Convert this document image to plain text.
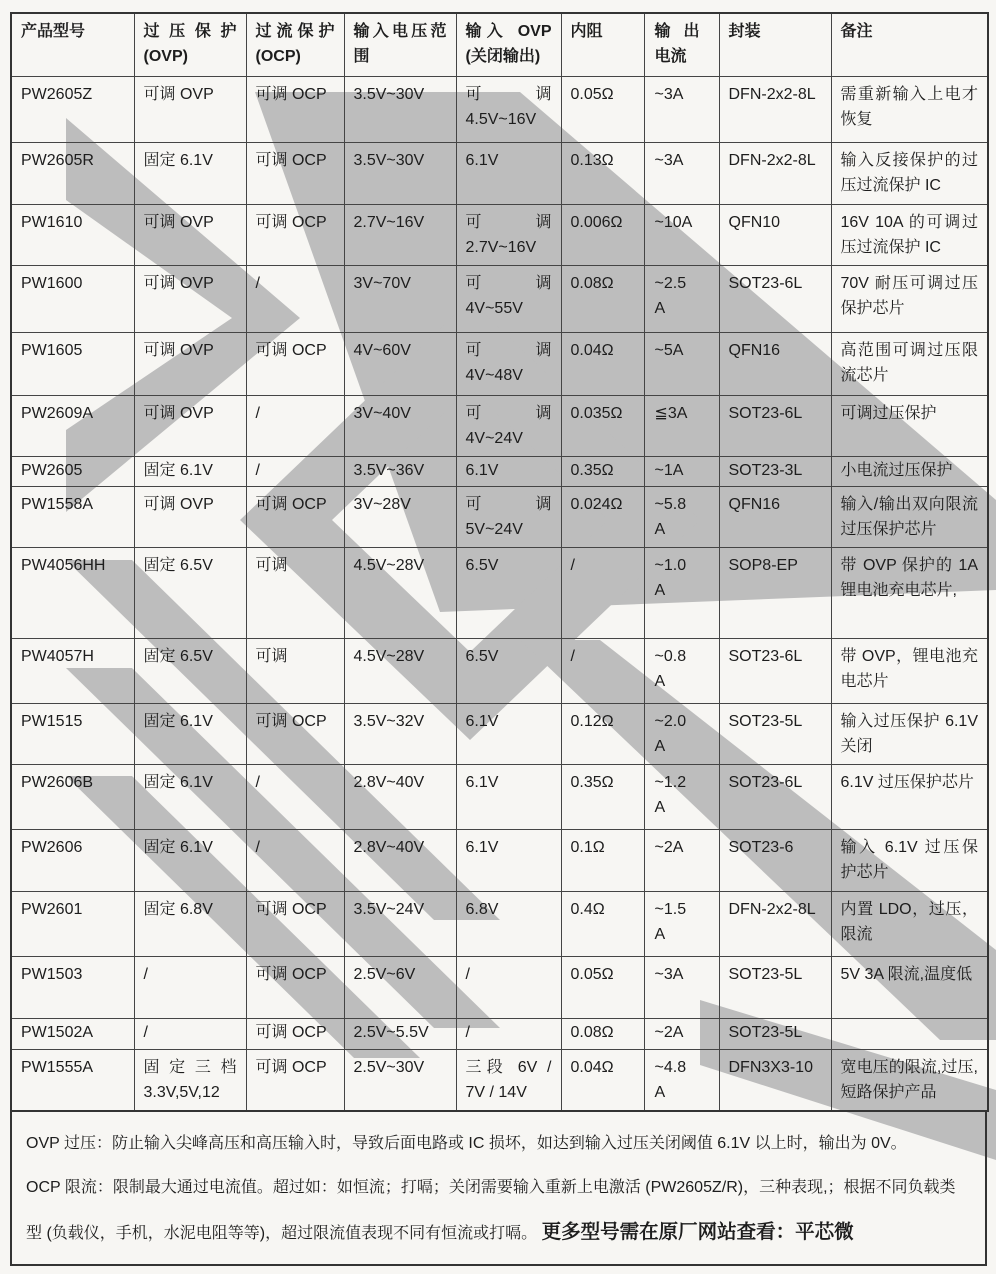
产品型号	过压保护 (OVP)	过流保护 (OCP)	输入电压范围	输入 OVP (关闭输出)	内阻	输出 电流	封装	备注
PW2605Z	可调 OVP	可调 OCP	3.5V~30V	可 调 4.5V~16V	0.05Ω	~3A	DFN-2x2-8L	需重新输入上电才恢复
PW2605R	固定 6.1V	可调 OCP	3.5V~30V	6.1V	0.13Ω	~3A	DFN-2x2-8L	输入反接保护的过压过流保护 IC
PW1610	可调 OVP	可调 OCP	2.7V~16V	可 调 2.7V~16V	0.006Ω	~10A	QFN10	16V 10A 的可调过压过流保护 IC
PW1600	可调 OVP	/	3V~70V	可 调 4V~55V	0.08Ω	~2.5 A	SOT23-6L	70V 耐压可调过压保护芯片
PW1605	可调 OVP	可调 OCP	4V~60V	可 调 4V~48V	0.04Ω	~5A	QFN16	高范围可调过压限流芯片
PW2609A	可调 OVP	/	3V~40V	可 调 4V~24V	0.035Ω	≦3A	SOT23-6L	可调过压保护
PW2605	固定 6.1V	/	3.5V~36V	6.1V	0.35Ω	~1A	SOT23-3L	小电流过压保护
PW1558A	可调 OVP	可调 OCP	3V~28V	可 调 5V~24V	0.024Ω	~5.8 A	QFN16	输入/输出双向限流过压保护芯片
PW4056HH	固定 6.5V	可调	4.5V~28V	6.5V	/	~1.0 A	SOP8-EP	带 OVP 保护的 1A 锂电池充电芯片,
PW4057H	固定 6.5V	可调	4.5V~28V	6.5V	/	~0.8 A	SOT23-6L	带 OVP，锂电池充电芯片
PW1515	固定 6.1V	可调 OCP	3.5V~32V	6.1V	0.12Ω	~2.0 A	SOT23-5L	输入过压保护 6.1V 关闭
PW2606B	固定 6.1V	/	2.8V~40V	6.1V	0.35Ω	~1.2 A	SOT23-6L	6.1V 过压保护芯片
PW2606	固定 6.1V	/	2.8V~40V	6.1V	0.1Ω	~2A	SOT23-6	输入 6.1V 过压保护芯片
PW2601	固定 6.8V	可调 OCP	3.5V~24V	6.8V	0.4Ω	~1.5 A	DFN-2x2-8L	内置 LDO，过压，限流
PW1503	/	可调 OCP	2.5V~6V	/	0.05Ω	~3A	SOT23-5L	5V 3A 限流,温度低
PW1502A	/	可调 OCP	2.5V~5.5V	/	0.08Ω	~2A	SOT23-5L	
PW1555A	固定三档 3.3V,5V,12	可调 OCP	2.5V~30V	三段 6V / 7V / 14V	0.04Ω	~4.8 A	DFN3X3-10	宽电压的限流,过压,短路保护产品

OVP 过压：防止输入尖峰高压和高压输入时，导致后面电路或 IC 损坏，如达到输入过压关闭阈值 6.1V 以上时，输出为 0V。

OCP 限流：限制最大通过电流值。超过如：如恒流；打嗝；关闭需要输入重新上电激活 (PW2605Z/R)，三种表现,；根据不同负载类型 (负载仪，手机，水泥电阻等等)，超过限流值表现不同有恒流或打嗝。 更多型号需在原厂网站查看：平芯微
